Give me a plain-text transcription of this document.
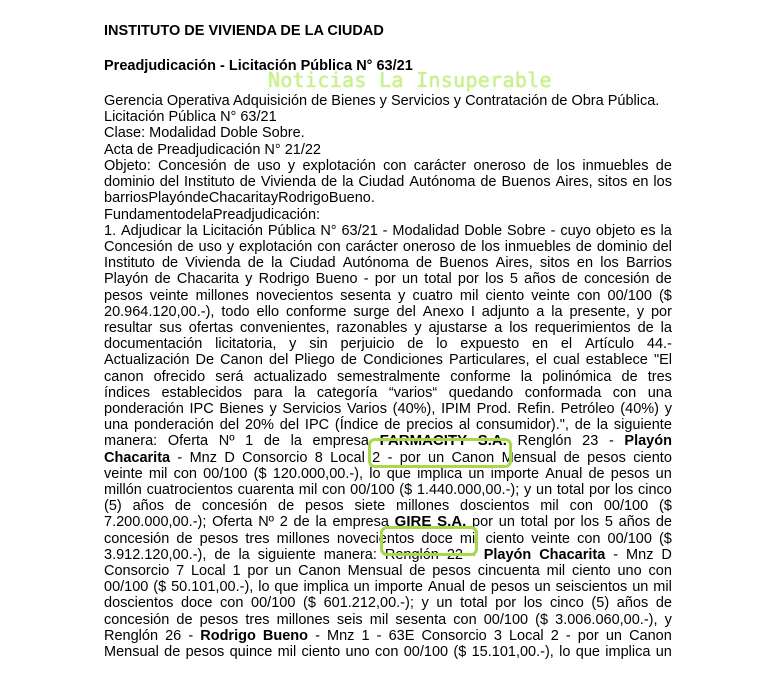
INSTITUTO DE VIVIENDA DE LA CIUDAD
Preadjudicación - Licitación Pública N° 63/21
Noticias La Insuperable
Gerencia Operativa Adquisición de Bienes y Servicios y Contratación de Obra Pública.
Licitación Pública N° 63/21
Clase: Modalidad Doble Sobre.
Acta de Preadjudicación N° 21/22
Objeto: Concesión de uso y explotación con carácter oneroso de los inmuebles de
dominio del Instituto de Vivienda de la Ciudad Autónoma de Buenos Aires, sitos en los
barrios Playón de Chacarita y Rodrigo Bueno.
Fundamento de la Preadjudicación:
1. Adjudicar la Licitación Pública N° 63/21 - Modalidad Doble Sobre - cuyo objeto es la
Concesión de uso y explotación con carácter oneroso de los inmuebles de dominio del
Instituto de Vivienda de la Ciudad Autónoma de Buenos Aires, sitos en los Barrios
Playón de Chacarita y Rodrigo Bueno - por un total por los 5 años de concesión de
pesos veinte millones novecientos sesenta y cuatro mil ciento veinte con 00/100 ($
20.964.120,00.-), todo ello conforme surge del Anexo I adjunto a la presente, y por
resultar sus ofertas convenientes, razonables y ajustarse a los requerimientos de la
documentación licitatoria, y sin perjuicio de lo expuesto en el Artículo 44.-
Actualización De Canon del Pliego de Condiciones Particulares, el cual establece "El
canon ofrecido será actualizado semestralmente conforme la polinómica de tres
índices establecidos para la categoría “varios“ quedando conformada con una
ponderación IPC Bienes y Servicios Varios (40%), IPIM Prod. Refin. Petróleo (40%) y
una ponderación del 20% del IPC (Índice de precios al consumidor).", de la siguiente
manera: Oferta Nº 1 de la empresa FARMACITY S.A. Renglón 23 - Playón
Chacarita - Mnz D Consorcio 8 Local 2 - por un Canon Mensual de pesos ciento
veinte mil con 00/100 ($ 120.000,00.-), lo que implica un importe Anual de pesos un
millón cuatrocientos cuarenta mil con 00/100 ($ 1.440.000,00.-); y un total por los cinco
(5) años de concesión de pesos siete millones doscientos mil con 00/100 ($
7.200.000,00.-); Oferta Nº 2 de la empresa GIRE S.A. por un total por los 5 años de
concesión de pesos tres millones novecientos doce mil ciento veinte con 00/100 ($
3.912.120,00.-), de la siguiente manera: Renglón 22 - Playón Chacarita - Mnz D
Consorcio 7 Local 1 por un Canon Mensual de pesos cincuenta mil ciento uno con
00/100 ($ 50.101,00.-), lo que implica un importe Anual de pesos un seiscientos un mil
doscientos doce con 00/100 ($ 601.212,00.-); y un total por los cinco (5) años de
concesión de pesos tres millones seis mil sesenta con 00/100 ($ 3.006.060,00.-), y
Renglón 26 - Rodrigo Bueno - Mnz 1 - 63E Consorcio 3 Local 2 - por un Canon
Mensual de pesos quince mil ciento uno con 00/100 ($ 15.101,00.-), lo que implica un
